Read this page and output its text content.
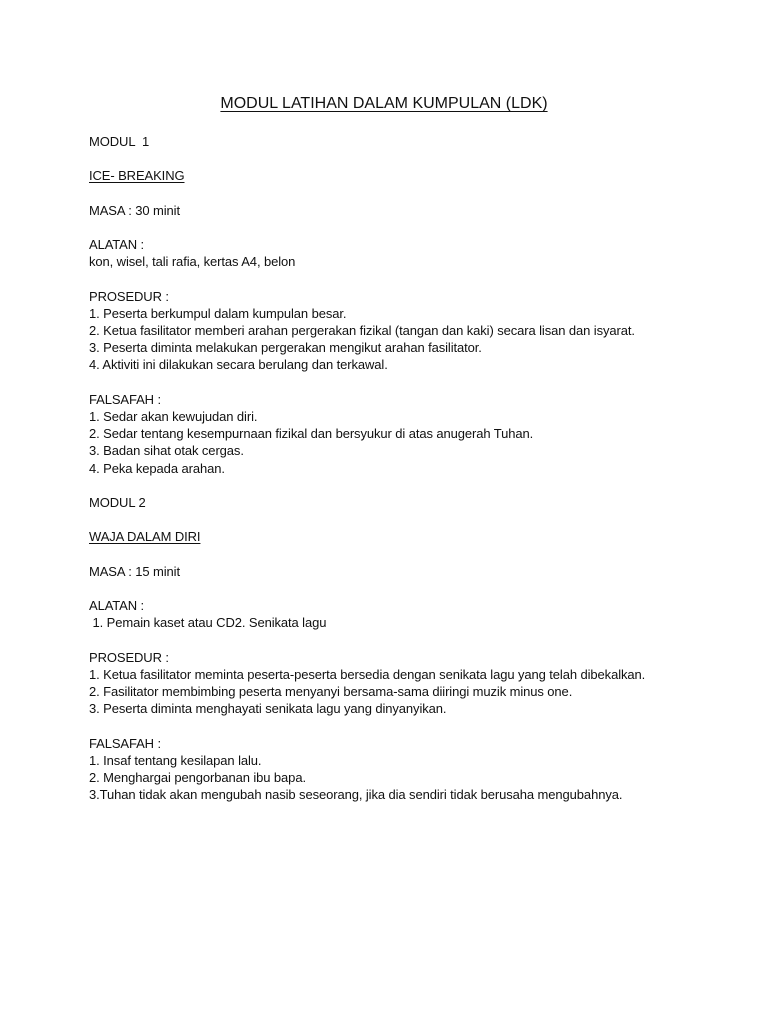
MODUL LATIHAN DALAM KUMPULAN (LDK)
MODUL  1
ICE- BREAKING
MASA : 30 minit
ALATAN :
kon, wisel, tali rafia, kertas A4, belon
PROSEDUR :
1. Peserta berkumpul dalam kumpulan besar.
2. Ketua fasilitator memberi arahan pergerakan fizikal (tangan dan kaki) secara lisan dan isyarat.
3. Peserta diminta melakukan pergerakan mengikut arahan fasilitator.
4. Aktiviti ini dilakukan secara berulang dan terkawal.
FALSAFAH :
1. Sedar akan kewujudan diri.
2. Sedar tentang kesempurnaan fizikal dan bersyukur di atas anugerah Tuhan.
3. Badan sihat otak cergas.
4. Peka kepada arahan.
MODUL 2
WAJA DALAM DIRI
MASA : 15 minit
ALATAN :
1. Pemain kaset atau CD2. Senikata lagu
PROSEDUR :
1. Ketua fasilitator meminta peserta-peserta bersedia dengan senikata lagu yang telah dibekalkan.
2. Fasilitator membimbing peserta menyanyi bersama-sama diiringi muzik minus one.
3. Peserta diminta menghayati senikata lagu yang dinyanyikan.
FALSAFAH :
1. Insaf tentang kesilapan lalu.
2. Menghargai pengorbanan ibu bapa.
3.Tuhan tidak akan mengubah nasib seseorang, jika dia sendiri tidak berusaha mengubahnya.
